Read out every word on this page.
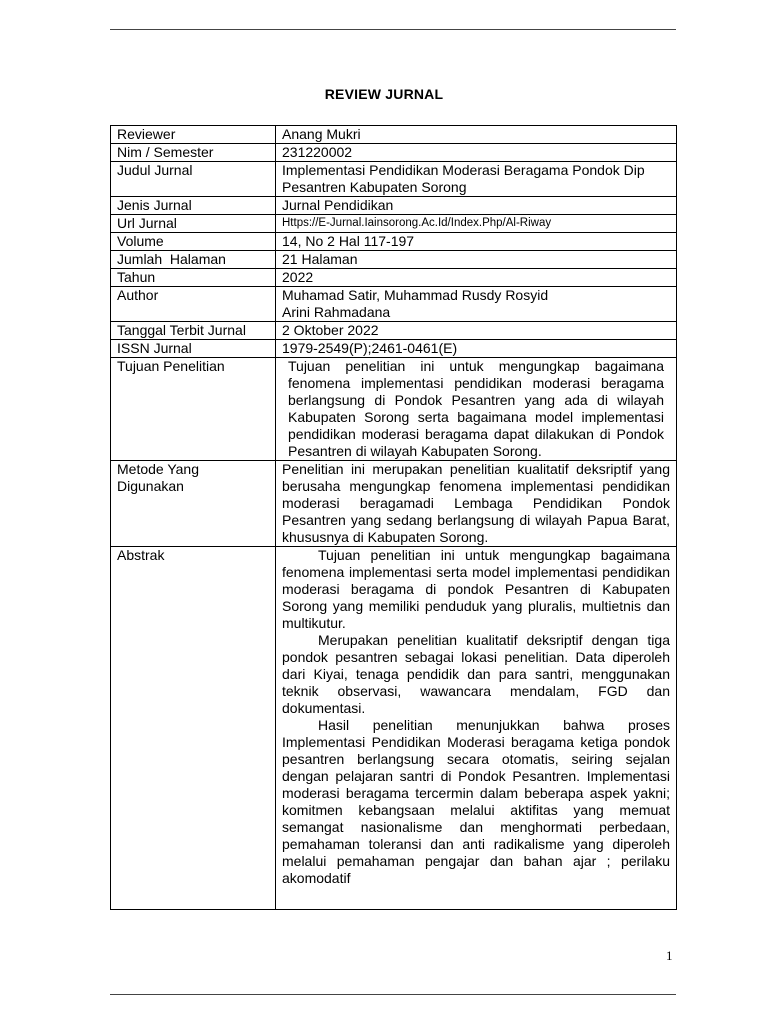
REVIEW JURNAL
Reviewer	Anang Mukri
Nim / Semester	231220002
Judul Jurnal	Implementasi Pendidikan Moderasi Beragama Pondok Dip Pesantren Kabupaten Sorong
Jenis Jurnal	Jurnal Pendidikan
Url Jurnal	Https://E-Jurnal.Iainsorong.Ac.Id/Index.Php/Al-Riway
Volume	14, No 2 Hal 117-197
Jumlah  Halaman	21 Halaman
Tahun	2022
Author	Muhamad Satir, Muhammad Rusdy Rosyid
Arini Rahmadana

Tanggal Terbit Jurnal	2 Oktober 2022
ISSN Jurnal	1979-2549(P);2461-0461(E)
Tujuan Penelitian	Tujuan penelitian ini untuk mengungkap bagaimana fenomena implementasi pendidikan moderasi beragama berlangsung di Pondok Pesantren yang ada di wilayah Kabupaten Sorong serta bagaimana model implementasi pendidikan moderasi beragama dapat dilakukan di Pondok Pesantren di wilayah Kabupaten Sorong.

Metode Yang
Digunakan	Penelitian ini merupakan penelitian kualitatif deksriptif yang berusaha mengungkap fenomena implementasi pendidikan moderasi beragamadi Lembaga Pendidikan Pondok Pesantren yang sedang berlangsung di wilayah Papua Barat, khususnya di Kabupaten Sorong.

Abstrak	Tujuan penelitian ini untuk mengungkap bagaimana fenomena implementasi serta model implementasi pendidikan moderasi beragama di pondok Pesantren di Kabupaten Sorong yang memiliki penduduk yang pluralis, multietnis dan multikutur.

Merupakan penelitian kualitatif deksriptif dengan tiga pondok pesantren sebagai lokasi penelitian. Data diperoleh dari Kiyai, tenaga pendidik dan para santri, menggunakan teknik observasi, wawancara mendalam, FGD dan dokumentasi.

Hasil penelitian menunjukkan bahwa proses Implementasi Pendidikan Moderasi beragama ketiga pondok pesantren berlangsung secara otomatis, seiring sejalan dengan pelajaran santri di Pondok Pesantren. Implementasi moderasi beragama tercermin dalam beberapa aspek yakni; komitmen kebangsaan melalui aktifitas yang memuat semangat nasionalisme dan menghormati perbedaan, pemahaman toleransi dan anti radikalisme yang diperoleh melalui pemahaman pengajar dan bahan ajar ; perilaku akomodatif

1
